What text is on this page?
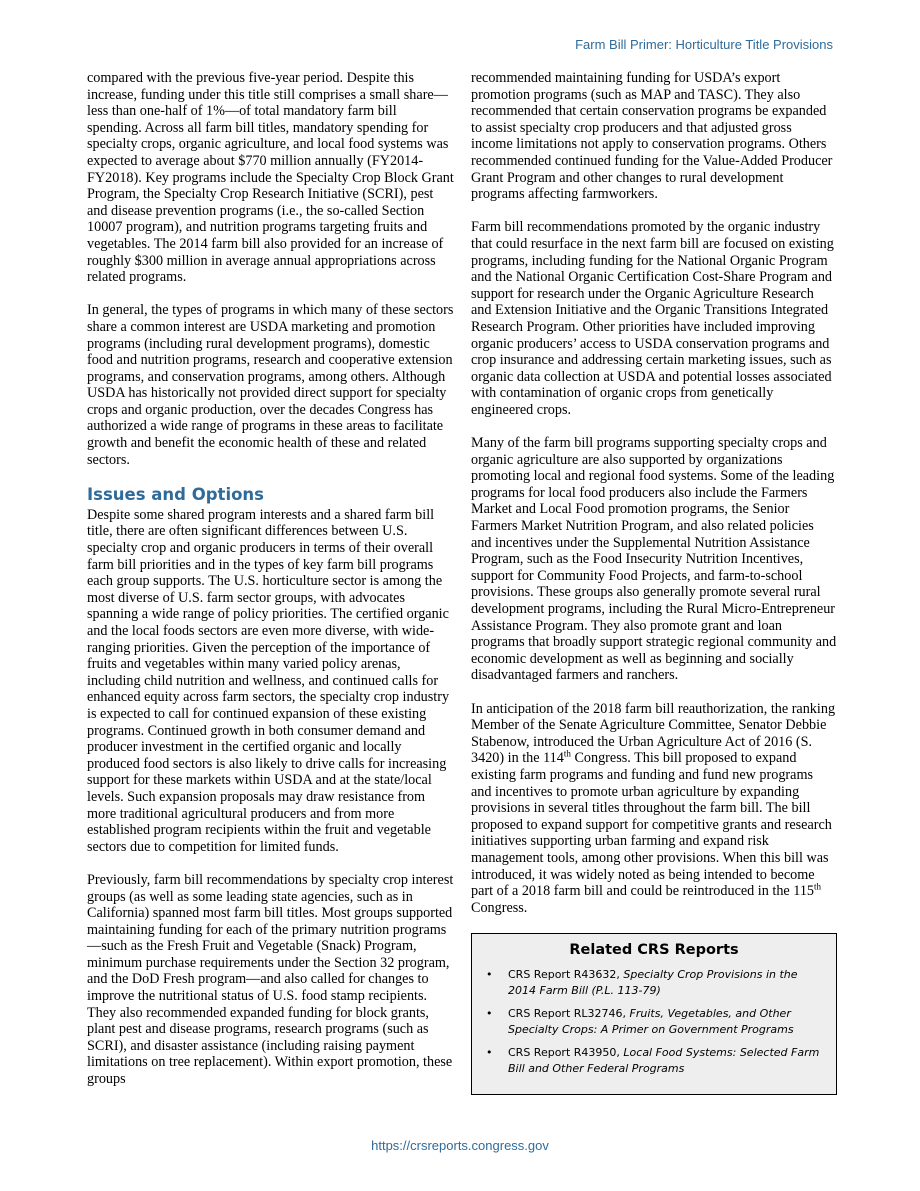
Farm Bill Primer: Horticulture Title Provisions

compared with the previous five-year period. Despite this increase, funding under this title still comprises a small share—less than one-half of 1%—of total mandatory farm bill spending. Across all farm bill titles, mandatory spending for specialty crops, organic agriculture, and local food systems was expected to average about $770 million annually (FY2014-FY2018). Key programs include the Specialty Crop Block Grant Program, the Specialty Crop Research Initiative (SCRI), pest and disease prevention programs (i.e., the so-called Section 10007 program), and nutrition programs targeting fruits and vegetables. The 2014 farm bill also provided for an increase of roughly $300 million in average annual appropriations across related programs.

In general, the types of programs in which many of these sectors share a common interest are USDA marketing and promotion programs (including rural development programs), domestic food and nutrition programs, research and cooperative extension programs, and conservation programs, among others. Although USDA has historically not provided direct support for specialty crops and organic production, over the decades Congress has authorized a wide range of programs in these areas to facilitate growth and benefit the economic health of these and related sectors.

Issues and Options

Despite some shared program interests and a shared farm bill title, there are often significant differences between U.S. specialty crop and organic producers in terms of their overall farm bill priorities and in the types of key farm bill programs each group supports. The U.S. horticulture sector is among the most diverse of U.S. farm sector groups, with advocates spanning a wide range of policy priorities. The certified organic and the local foods sectors are even more diverse, with wide-ranging priorities. Given the perception of the importance of fruits and vegetables within many varied policy arenas, including child nutrition and wellness, and continued calls for enhanced equity across farm sectors, the specialty crop industry is expected to call for continued expansion of these existing programs. Continued growth in both consumer demand and producer investment in the certified organic and locally produced food sectors is also likely to drive calls for increasing support for these markets within USDA and at the state/local levels. Such expansion proposals may draw resistance from more traditional agricultural producers and from more established program recipients within the fruit and vegetable sectors due to competition for limited funds.

Previously, farm bill recommendations by specialty crop interest groups (as well as some leading state agencies, such as in California) spanned most farm bill titles. Most groups supported maintaining funding for each of the primary nutrition programs—such as the Fresh Fruit and Vegetable (Snack) Program, minimum purchase requirements under the Section 32 program, and the DoD Fresh program—and also called for changes to improve the nutritional status of U.S. food stamp recipients. They also recommended expanded funding for block grants, plant pest and disease programs, research programs (such as SCRI), and disaster assistance (including raising payment limitations on tree replacement). Within export promotion, these groups

recommended maintaining funding for USDA’s export promotion programs (such as MAP and TASC). They also recommended that certain conservation programs be expanded to assist specialty crop producers and that adjusted gross income limitations not apply to conservation programs. Others recommended continued funding for the Value-Added Producer Grant Program and other changes to rural development programs affecting farmworkers.

Farm bill recommendations promoted by the organic industry that could resurface in the next farm bill are focused on existing programs, including funding for the National Organic Program and the National Organic Certification Cost-Share Program and support for research under the Organic Agriculture Research and Extension Initiative and the Organic Transitions Integrated Research Program. Other priorities have included improving organic producers’ access to USDA conservation programs and crop insurance and addressing certain marketing issues, such as organic data collection at USDA and potential losses associated with contamination of organic crops from genetically engineered crops.

Many of the farm bill programs supporting specialty crops and organic agriculture are also supported by organizations promoting local and regional food systems. Some of the leading programs for local food producers also include the Farmers Market and Local Food promotion programs, the Senior Farmers Market Nutrition Program, and also related policies and incentives under the Supplemental Nutrition Assistance Program, such as the Food Insecurity Nutrition Incentives, support for Community Food Projects, and farm-to-school provisions. These groups also generally promote several rural development programs, including the Rural Micro-Entrepreneur Assistance Program. They also promote grant and loan programs that broadly support strategic regional community and economic development as well as beginning and socially disadvantaged farmers and ranchers.

In anticipation of the 2018 farm bill reauthorization, the ranking Member of the Senate Agriculture Committee, Senator Debbie Stabenow, introduced the Urban Agriculture Act of 2016 (S. 3420) in the 114th Congress. This bill proposed to expand existing farm programs and funding and fund new programs and incentives to promote urban agriculture by expanding provisions in several titles throughout the farm bill. The bill proposed to expand support for competitive grants and research initiatives supporting urban farming and expand risk management tools, among other provisions. When this bill was introduced, it was widely noted as being intended to become part of a 2018 farm bill and could be reintroduced in the 115th Congress.

Related CRS Reports
• CRS Report R43632, Specialty Crop Provisions in the 2014 Farm Bill (P.L. 113-79)
• CRS Report RL32746, Fruits, Vegetables, and Other Specialty Crops: A Primer on Government Programs
• CRS Report R43950, Local Food Systems: Selected Farm Bill and Other Federal Programs
https://crsreports.congress.gov
